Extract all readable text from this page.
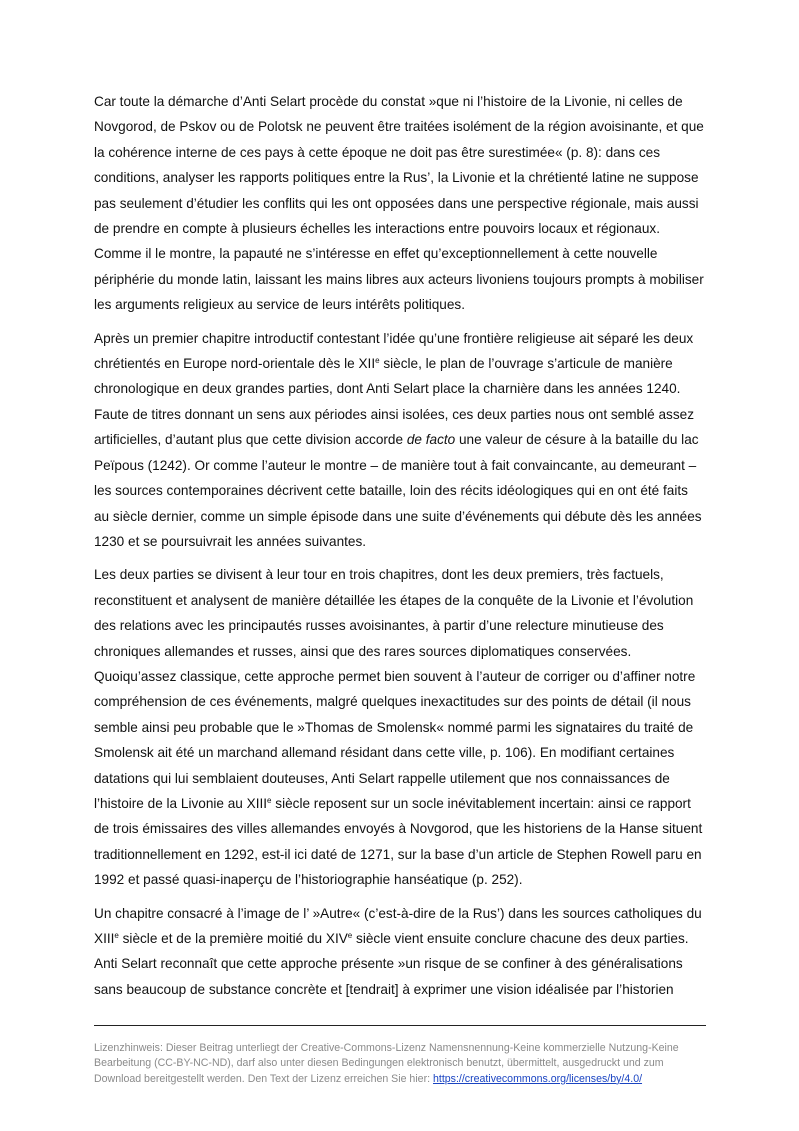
Car toute la démarche d’Anti Selart procède du constat »que ni l’histoire de la Livonie, ni celles de Novgorod, de Pskov ou de Polotsk ne peuvent être traitées isolément de la région avoisinante, et que la cohérence interne de ces pays à cette époque ne doit pas être surestimée« (p. 8): dans ces conditions, analyser les rapports politiques entre la Rus’, la Livonie et la chrétienté latine ne suppose pas seulement d’étudier les conflits qui les ont opposées dans une perspective régionale, mais aussi de prendre en compte à plusieurs échelles les interactions entre pouvoirs locaux et régionaux. Comme il le montre, la papauté ne s’intéresse en effet qu’exceptionnellement à cette nouvelle périphérie du monde latin, laissant les mains libres aux acteurs livoniens toujours prompts à mobiliser les arguments religieux au service de leurs intérêts politiques.

Après un premier chapitre introductif contestant l’idée qu’une frontière religieuse ait séparé les deux chrétientés en Europe nord-orientale dès le XIIe siècle, le plan de l’ouvrage s’articule de manière chronologique en deux grandes parties, dont Anti Selart place la charnière dans les années 1240. Faute de titres donnant un sens aux périodes ainsi isolées, ces deux parties nous ont semblé assez artificielles, d’autant plus que cette division accorde de facto une valeur de césure à la bataille du lac Peïpous (1242). Or comme l’auteur le montre – de manière tout à fait convaincante, au demeurant – les sources contemporaines décrivent cette bataille, loin des récits idéologiques qui en ont été faits au siècle dernier, comme un simple épisode dans une suite d’événements qui débute dès les années 1230 et se poursuivrait les années suivantes.

Les deux parties se divisent à leur tour en trois chapitres, dont les deux premiers, très factuels, reconstituent et analysent de manière détaillée les étapes de la conquête de la Livonie et l’évolution des relations avec les principautés russes avoisinantes, à partir d’une relecture minutieuse des chroniques allemandes et russes, ainsi que des rares sources diplomatiques conservées. Quoiqu’assez classique, cette approche permet bien souvent à l’auteur de corriger ou d’affiner notre compréhension de ces événements, malgré quelques inexactitudes sur des points de détail (il nous semble ainsi peu probable que le »Thomas de Smolensk« nommé parmi les signataires du traité de Smolensk ait été un marchand allemand résidant dans cette ville, p. 106). En modifiant certaines datations qui lui semblaient douteuses, Anti Selart rappelle utilement que nos connaissances de l’histoire de la Livonie au XIIIe siècle reposent sur un socle inévitablement incertain: ainsi ce rapport de trois émissaires des villes allemandes envoyés à Novgorod, que les historiens de la Hanse situent traditionnellement en 1292, est-il ici daté de 1271, sur la base d’un article de Stephen Rowell paru en 1992 et passé quasi-inaperçu de l’historiographie hanséatique (p. 252).

Un chapitre consacré à l’image de l’ »Autre« (c’est-à-dire de la Rus’) dans les sources catholiques du XIIIe siècle et de la première moitié du XIVe siècle vient ensuite conclure chacune des deux parties. Anti Selart reconnaît que cette approche présente »un risque de se confiner à des généralisations sans beaucoup de substance concrète et [tendrait] à exprimer une vision idéalisée par l’historien

Lizenzhinweis: Dieser Beitrag unterliegt der Creative-Commons-Lizenz Namensnennung-Keine kommerzielle Nutzung-Keine Bearbeitung (CC-BY-NC-ND), darf also unter diesen Bedingungen elektronisch benutzt, übermittelt, ausgedruckt und zum Download bereitgestellt werden. Den Text der Lizenz erreichen Sie hier: https://creativecommons.org/licenses/by/4.0/
